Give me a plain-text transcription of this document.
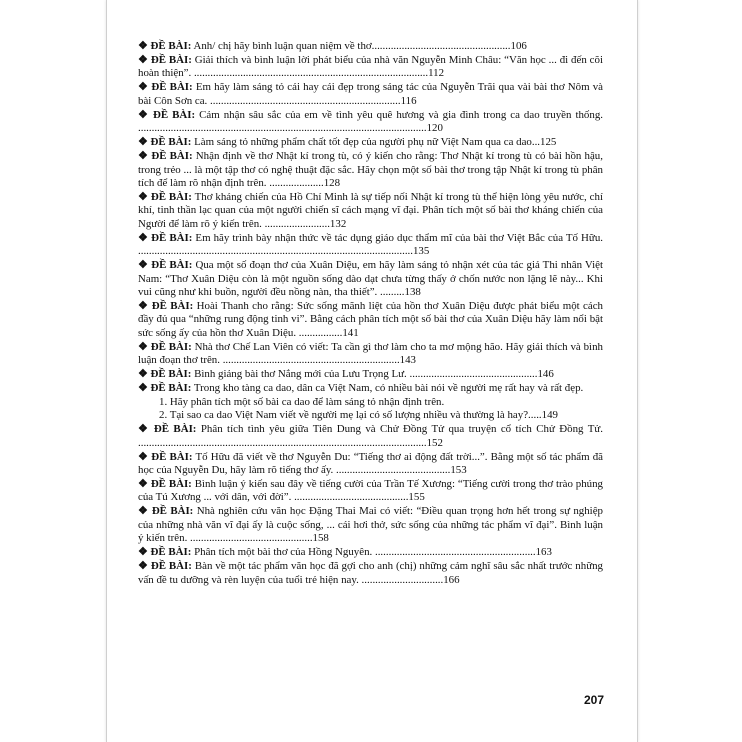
❖ ĐỀ BÀI: Anh/ chị hãy bình luận quan niệm về thơ...................................................106
❖ ĐỀ BÀI: Giải thích và bình luận lời phát biểu của nhà văn Nguyễn Minh Châu: “Văn học ... đi đến cõi hoàn thiện”. ......................................................................................112
❖ ĐỀ BÀI: Em hãy làm sáng tỏ cái hay cái đẹp trong sáng tác của Nguyễn Trãi qua vài bài thơ Nôm và bài Côn Sơn ca. ......................................................................116
❖ ĐỀ BÀI: Cảm nhận sâu sắc của em về tình yêu quê hương và gia đình trong ca dao truyền thống. ..........................................................................................................120
❖ ĐỀ BÀI: Làm sáng tỏ những phẩm chất tốt đẹp của người phụ nữ Việt Nam qua ca dao...125
❖ ĐỀ BÀI: Nhận định về thơ Nhật kí trong tù, có ý kiến cho rằng: Thơ Nhật kí trong tù có bài hồn hậu, trong trẻo ... là một tập thơ có nghệ thuật đặc sắc. Hãy chọn một số bài thơ trong tập Nhật kí trong tù phân tích để làm rõ nhận định trên. ....................128
❖ ĐỀ BÀI: Thơ kháng chiến của Hồ Chí Minh là sự tiếp nối Nhật kí trong tù thể hiện lòng yêu nước, chí khí, tinh thần lạc quan của một người chiến sĩ cách mạng vĩ đại. Phân tích một số bài thơ kháng chiến của Người để làm rõ ý kiến trên. ........................132
❖ ĐỀ BÀI: Em hãy trình bày nhận thức về tác dụng giáo dục thẩm mĩ của bài thơ Việt Bắc của Tố Hữu. .....................................................................................................135
❖ ĐỀ BÀI: Qua một số đoạn thơ của Xuân Diệu, em hãy làm sáng tỏ nhận xét của tác giả Thi nhân Việt Nam: “Thơ Xuân Diệu còn là một nguồn sống dào dạt chưa từng thấy ở chốn nước non lặng lẽ này... Khi vui cũng như khi buồn, người đều nồng nàn, tha thiết”. .........138
❖ ĐỀ BÀI: Hoài Thanh cho rằng: Sức sống mãnh liệt của hồn thơ Xuân Diệu được phát biểu một cách đầy đủ qua “những rung động tinh vi”. Bằng cách phân tích một số bài thơ của Xuân Diệu hãy làm nổi bật sức sống ấy của hồn thơ Xuân Diệu. ................141
❖ ĐỀ BÀI: Nhà thơ Chế Lan Viên có viết: Ta cần gì thơ làm cho ta mơ mộng hão. Hãy giải thích và bình luận đoạn thơ trên. .................................................................143
❖ ĐỀ BÀI: Bình giảng bài thơ Nắng mới của Lưu Trọng Lư. ...............................................146
❖ ĐỀ BÀI: Trong kho tàng ca dao, dân ca Việt Nam, có nhiều bài nói về người mẹ rất hay và rất đẹp.
1. Hãy phân tích một số bài ca dao để làm sáng tỏ nhận định trên.
2. Tại sao ca dao Việt Nam viết về người mẹ lại có số lượng nhiều và thường là hay?.....149
❖ ĐỀ BÀI: Phân tích tình yêu giữa Tiên Dung và Chử Đồng Tử qua truyện cổ tích Chử Đồng Tử. ..........................................................................................................152
❖ ĐỀ BÀI: Tố Hữu đã viết về thơ Nguyễn Du: “Tiếng thơ ai động đất trời...”. Bằng một số tác phẩm đã học của Nguyễn Du, hãy làm rõ tiếng thơ ấy. ..........................................153
❖ ĐỀ BÀI: Bình luận ý kiến sau đây về tiếng cười của Trần Tế Xương: “Tiếng cười trong thơ trào phúng của Tú Xương ... với dân, với đời”. ..........................................155
❖ ĐỀ BÀI: Nhà nghiên cứu văn học Đặng Thai Mai có viết: “Điều quan trọng hơn hết trong sự nghiệp của những nhà văn vĩ đại ấy là cuộc sống, ... cái hơi thở, sức sống của những tác phẩm vĩ đại”. Bình luận ý kiến trên. .............................................158
❖ ĐỀ BÀI: Phân tích một bài thơ của Hồng Nguyên. ...........................................................163
❖ ĐỀ BÀI: Bàn về một tác phẩm văn học đã gợi cho anh (chị) những cảm nghĩ sâu sắc nhất trước những vấn đề tu dưỡng và rèn luyện của tuổi trẻ hiện nay. ..............................166
207
